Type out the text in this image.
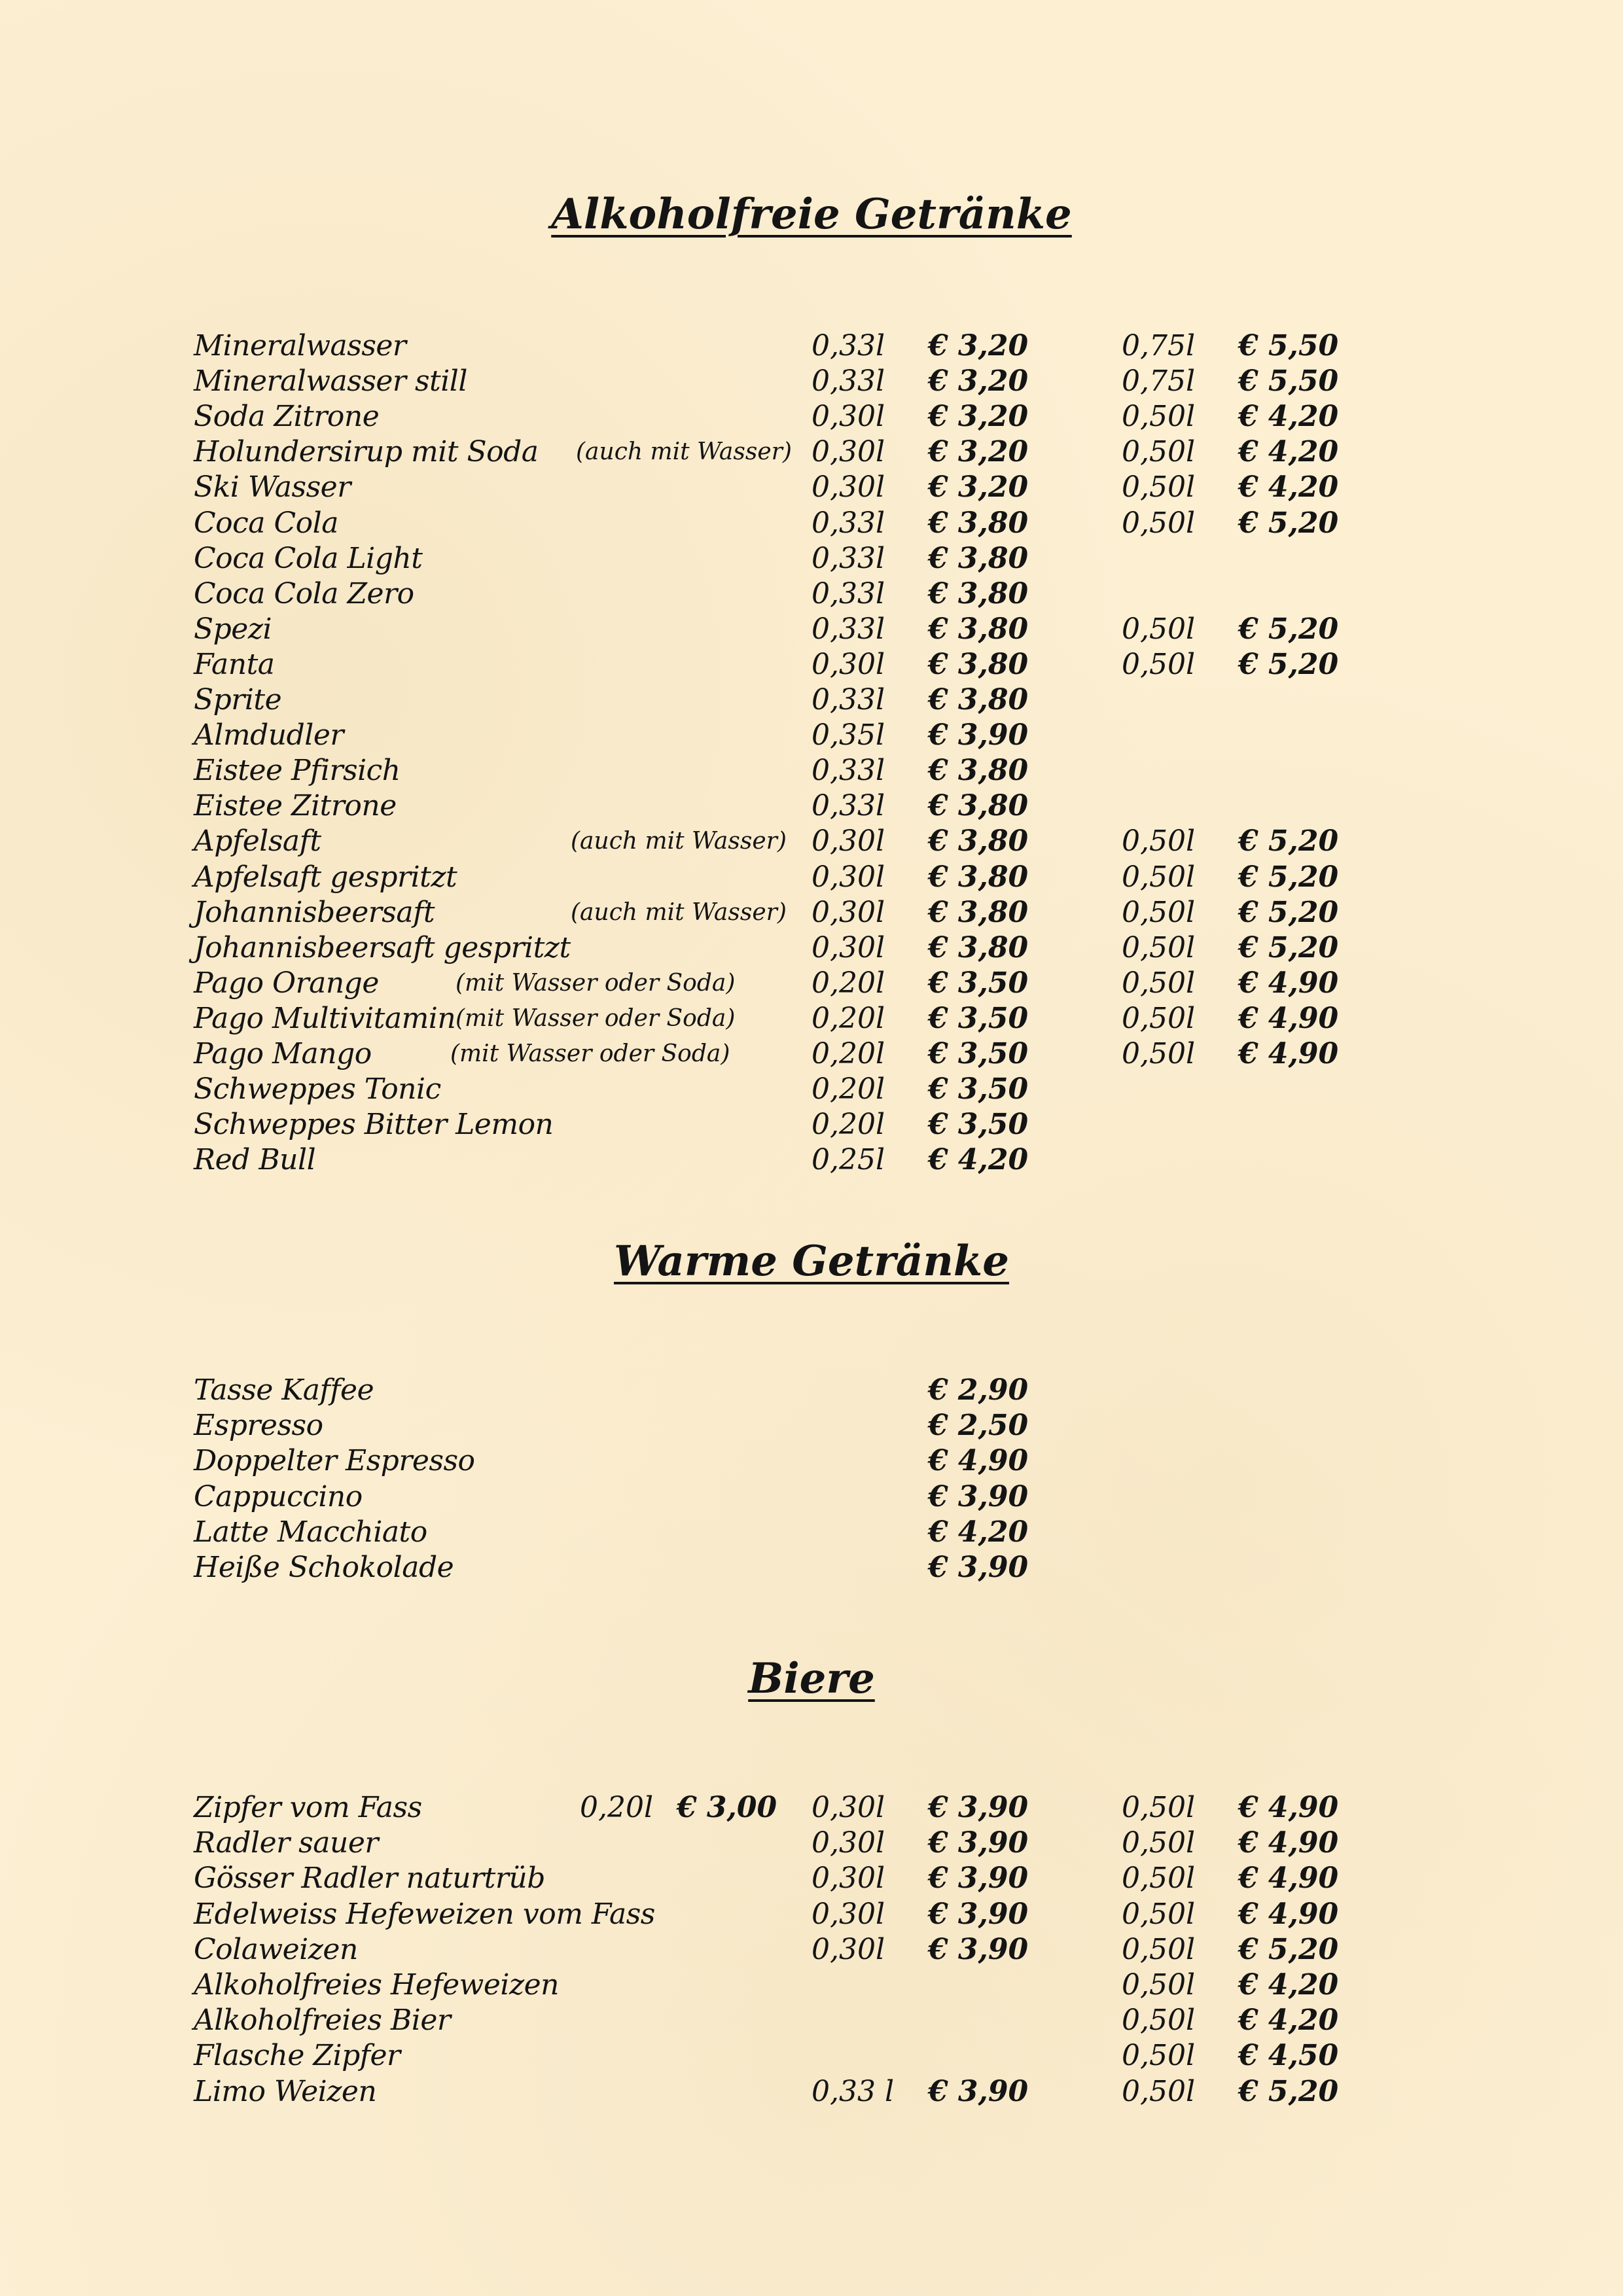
Alkoholfreie Getränke
Mineralwasser	0,33l € 3,20	0,75l € 5,50
Mineralwasser still	0,33l € 3,20	0,75l € 5,50
Soda Zitrone	0,30l € 3,20	0,50l € 4,20
Holundersirup mit Soda (auch mit Wasser) 0,30l € 3,20	0,50l € 4,20
Ski Wasser	0,30l € 3,20	0,50l € 4,20
Coca Cola	0,33l € 3,80	0,50l € 5,20
Coca Cola Light	0,33l € 3,80
Coca Cola Zero	0,33l € 3,80
Spezi	0,33l € 3,80	0,50l € 5,20
Fanta	0,30l € 3,80	0,50l € 5,20
Sprite	0,33l € 3,80
Almdudler	0,35l € 3,90
Eistee Pfirsich	0,33l € 3,80
Eistee Zitrone	0,33l € 3,80
Apfelsaft	(auch mit Wasser) 0,30l € 3,80	0,50l € 5,20
Apfelsaft gespritzt	0,30l € 3,80	0,50l € 5,20
Johannisbeersaft	(auch mit Wasser) 0,30l € 3,80	0,50l € 5,20
Johannisbeersaft gespritzt	0,30l € 3,80	0,50l € 5,20
Pago Orange	(mit Wasser oder Soda)	0,20l € 3,50	0,50l € 4,90
Pago Multivitamin (mit Wasser oder Soda)	0,20l € 3,50	0,50l € 4,90
Pago Mango	(mit Wasser oder Soda)	0,20l € 3,50	0,50l € 4,90
Schweppes Tonic	0,20l € 3,50
Schweppes Bitter Lemon	0,20l € 3,50
Red Bull	0,25l € 4,20
Warme Getränke
Tasse Kaffee	€ 2,90
Espresso	€ 2,50
Doppelter Espresso	€ 4,90
Cappuccino	€ 3,90
Latte Macchiato	€ 4,20
Heiße Schokolade	€ 3,90
Biere
Zipfer vom Fass	0,20l € 3,00 0,30l € 3,90	0,50l € 4,90
Radler sauer	0,30l € 3,90	0,50l € 4,90
Gösser Radler naturtrüb	0,30l € 3,90	0,50l € 4,90
Edelweiss Hefeweizen vom Fass	0,30l € 3,90	0,50l € 4,90
Colaweizen	0,30l € 3,90	0,50l € 5,20
Alkoholfreies Hefeweizen	0,50l € 4,20
Alkoholfreies Bier	0,50l € 4,20
Flasche Zipfer	0,50l € 4,50
Limo Weizen	0,33 l € 3,90	0,50l € 5,20
